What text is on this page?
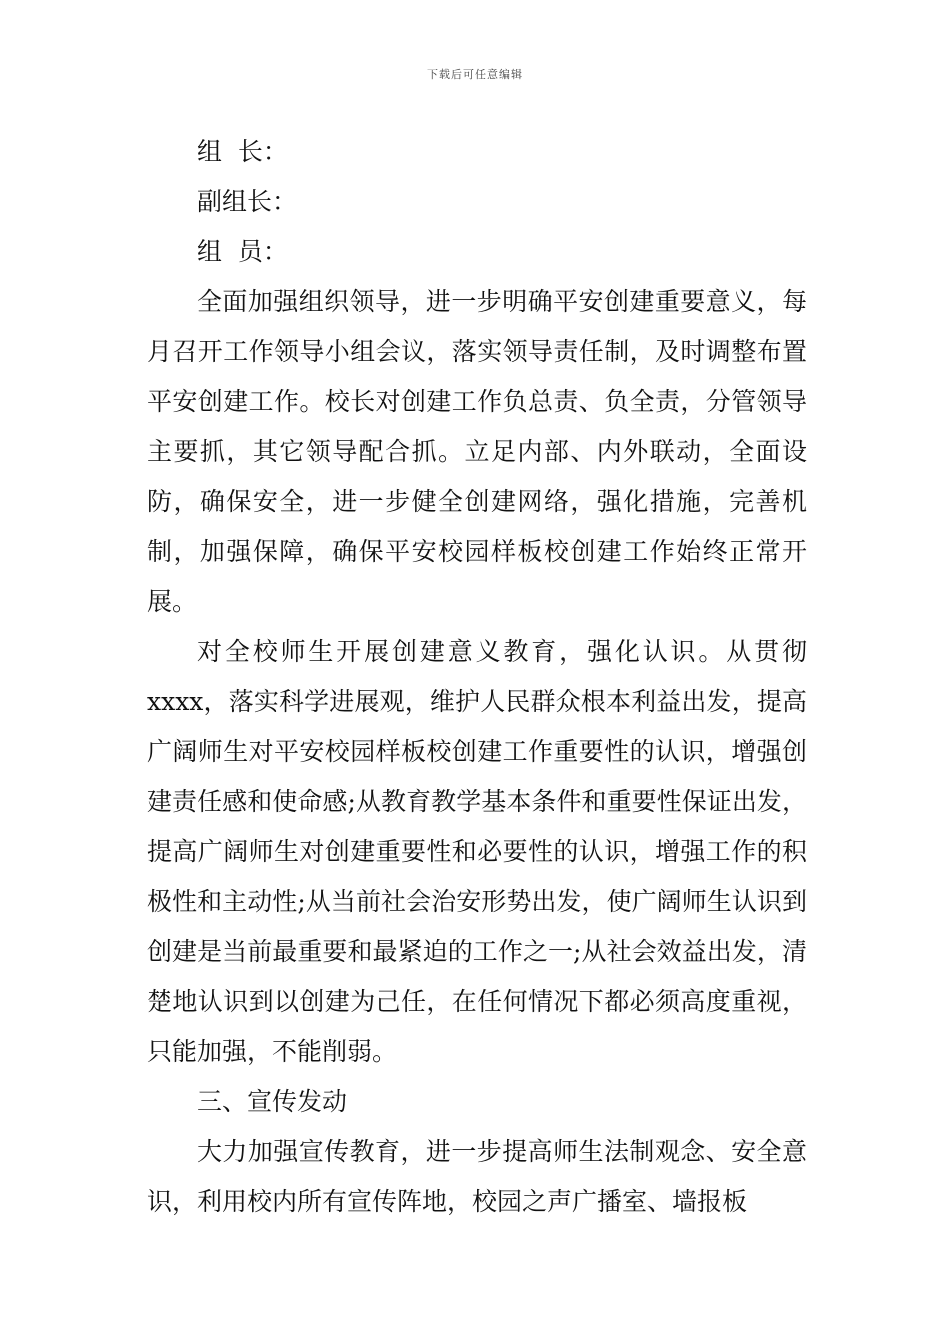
下载后可任意编辑
组  长：
副组长：
组  员：

全面加强组织领导，进一步明确平安创建重要意义，每月召开工作领导小组会议，落实领导责任制，及时调整布置平安创建工作。校长对创建工作负总责、负全责，分管领导主要抓，其它领导配合抓。立足内部、内外联动，全面设防，确保安全，进一步健全创建网络，强化措施，完善机制，加强保障，确保平安校园样板校创建工作始终正常开展。

对全校师生开展创建意义教育，强化认识。从贯彻xxxx，落实科学进展观，维护人民群众根本利益出发，提高广阔师生对平安校园样板校创建工作重要性的认识，增强创建责任感和使命感;从教育教学基本条件和重要性保证出发，提高广阔师生对创建重要性和必要性的认识，增强工作的积极性和主动性;从当前社会治安形势出发，使广阔师生认识到创建是当前最重要和最紧迫的工作之一;从社会效益出发，清楚地认识到以创建为己任，在任何情况下都必须高度重视，只能加强，不能削弱。

三、宣传发动

大力加强宣传教育，进一步提高师生法制观念、安全意识，利用校内所有宣传阵地，校园之声广播室、墙报板
